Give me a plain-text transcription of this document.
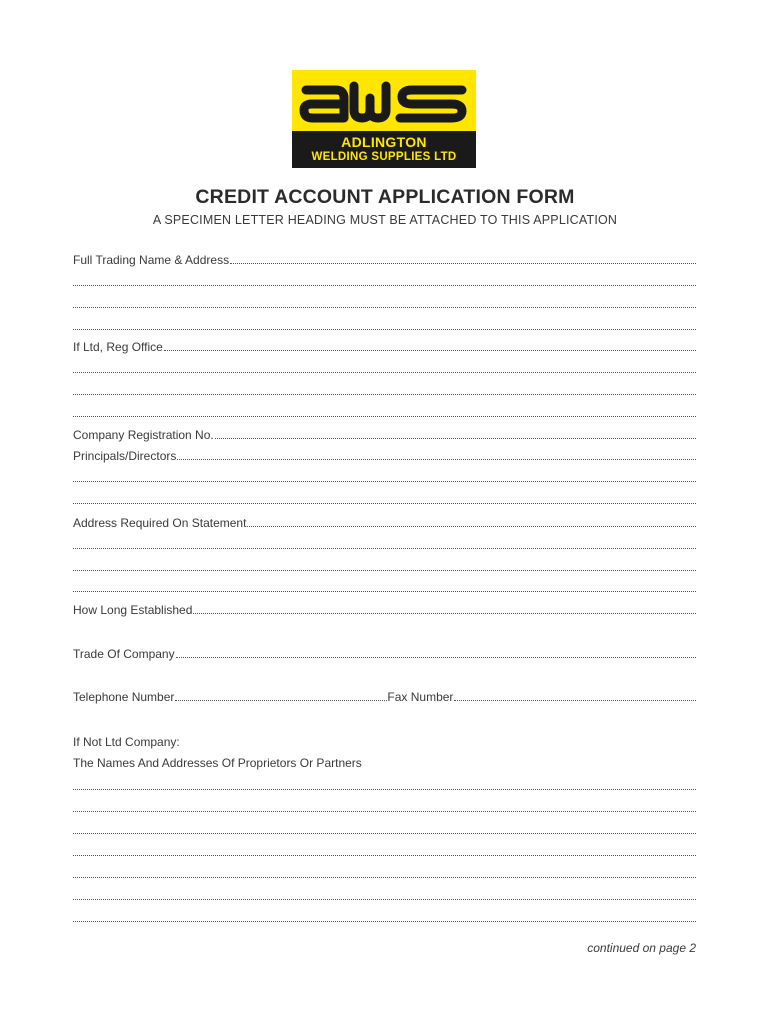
ADLINGTON
WELDING SUPPLIES LTD
CREDIT ACCOUNT APPLICATION FORM
A SPECIMEN LETTER HEADING MUST BE ATTACHED TO THIS APPLICATION
Full Trading Name & Address
If Ltd, Reg Office
Company Registration No.
Principals/Directors
Address Required On Statement
How Long Established
Trade Of Company
Telephone Number	Fax Number
If Not Ltd Company:
The Names And Addresses Of Proprietors Or Partners
continued on page 2
